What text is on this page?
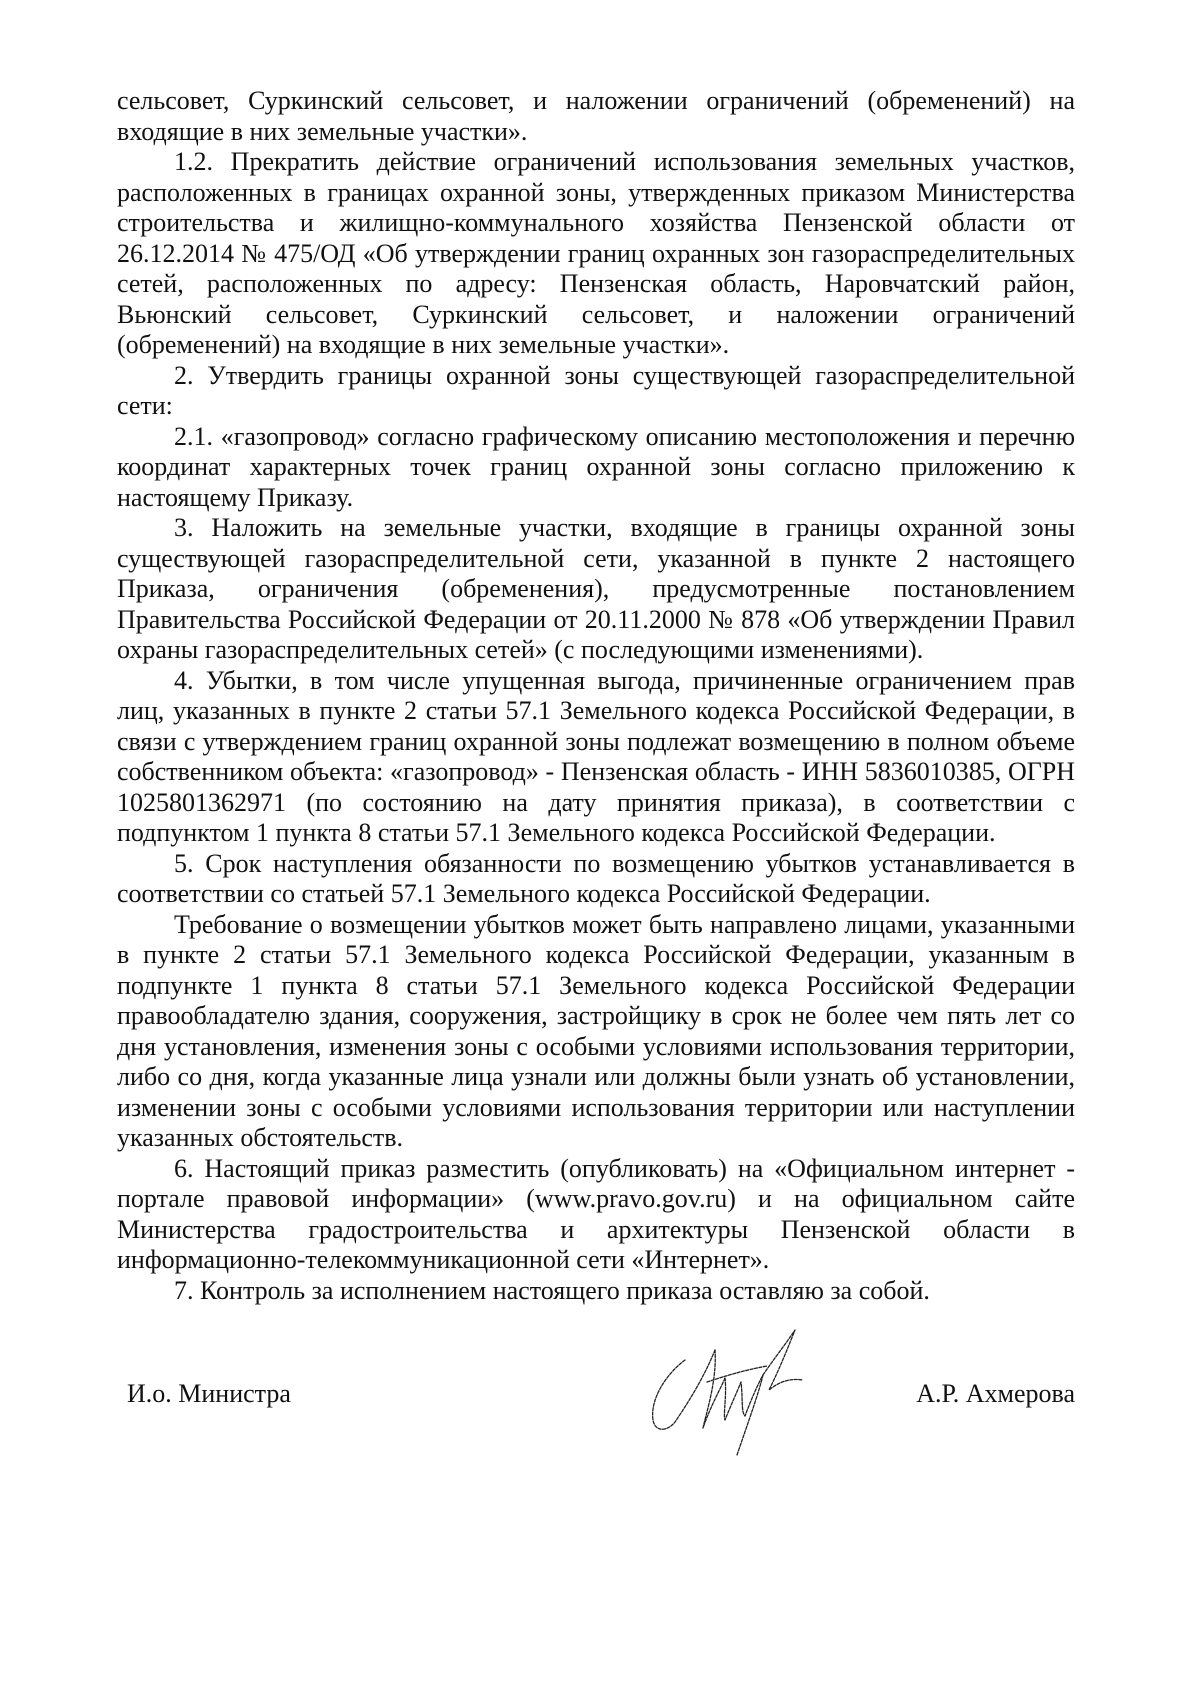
сельсовет, Суркинский сельсовет, и наложении ограничений (обременений) на входящие в них земельные участки».

1.2. Прекратить действие ограничений использования земельных участков, расположенных в границах охранной зоны, утвержденных приказом Министерства строительства и жилищно-коммунального хозяйства Пензенской области от 26.12.2014 № 475/ОД «Об утверждении границ охранных зон газораспределительных сетей, расположенных по адресу: Пензенская область, Наровчатский район, Вьюнский сельсовет, Суркинский сельсовет, и наложении ограничений (обременений) на входящие в них земельные участки».

2. Утвердить границы охранной зоны существующей газораспределительной сети:

2.1. «газопровод» согласно графическому описанию местоположения и перечню координат характерных точек границ охранной зоны согласно приложению к настоящему Приказу.

3. Наложить на земельные участки, входящие в границы охранной зоны существующей газораспределительной сети, указанной в пункте 2 настоящего Приказа, ограничения (обременения), предусмотренные постановлением Правительства Российской Федерации от 20.11.2000 № 878 «Об утверждении Правил охраны газораспределительных сетей» (с последующими изменениями).

4. Убытки, в том числе упущенная выгода, причиненные ограничением прав лиц, указанных в пункте 2 статьи 57.1 Земельного кодекса Российской Федерации, в связи с утверждением границ охранной зоны подлежат возмещению в полном объеме собственником объекта: «газопровод» - Пензенская область - ИНН 5836010385, ОГРН 1025801362971 (по состоянию на дату принятия приказа), в соответствии с подпунктом 1 пункта 8 статьи 57.1 Земельного кодекса Российской Федерации.

5. Срок наступления обязанности по возмещению убытков устанавливается в соответствии со статьей 57.1 Земельного кодекса Российской Федерации.

Требование о возмещении убытков может быть направлено лицами, указанными в пункте 2 статьи 57.1 Земельного кодекса Российской Федерации, указанным в подпункте 1 пункта 8 статьи 57.1 Земельного кодекса Российской Федерации правообладателю здания, сооружения, застройщику в срок не более чем пять лет со дня установления, изменения зоны с особыми условиями использования территории, либо со дня, когда указанные лица узнали или должны были узнать об установлении, изменении зоны с особыми условиями использования территории или наступлении указанных обстоятельств.

6. Настоящий приказ разместить (опубликовать) на «Официальном интернет - портале правовой информации» (www.pravo.gov.ru) и на официальном сайте Министерства градостроительства и архитектуры Пензенской области в информационно-телекоммуникационной сети «Интернет».

7. Контроль за исполнением настоящего приказа оставляю за собой.

И.о. Министра	А.Р. Ахмерова
